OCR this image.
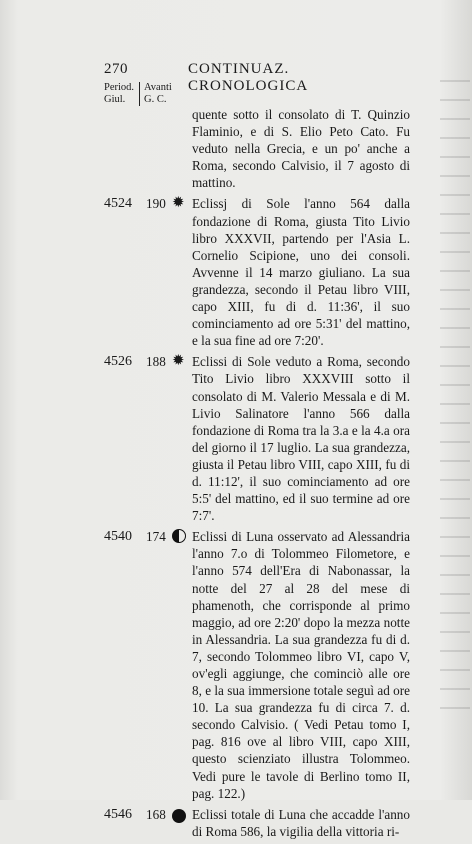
270	CONTINUAZ. CRONOLOGICA
Period. Giul.
Avanti G. C.
quente sotto il consolato di T. Quinzio Flaminio, e di S. Elio Peto Cato. Fu veduto nella Grecia, e un po' anche a Roma, secondo Calvisio, il 7 agosto di mattino.
4524 190 ✹ Eclissj di Sole l'anno 564 dalla fondazione di Roma, giusta Tito Livio libro XXXVII, partendo per l'Asia L. Cornelio Scipione, uno dei consoli. Avvenne il 14 marzo giuliano. La sua grandezza, secondo il Petau libro VIII, capo XIII, fu di d. 11:36', il suo cominciamento ad ore 5:31' del mattino, e la sua fine ad ore 7:20'.
4526 188 ✹ Eclissi di Sole veduto a Roma, secondo Tito Livio libro XXXVIII sotto il consolato di M. Valerio Messala e di M. Livio Salinatore l'anno 566 dalla fondazione di Roma tra la 3.a e la 4.a ora del giorno il 17 luglio. La sua grandezza, giusta il Petau libro VIII, capo XIII, fu di d. 11:12', il suo cominciamento ad ore 5:5' del mattino, ed il suo termine ad ore 7:7'.
4540 174 Eclissi di Luna osservato ad Alessandria l'anno 7.o di Tolommeo Filometore, e l'anno 574 dell'Era di Nabonassar, la notte del 27 al 28 del mese di phamenoth, che corrisponde al primo maggio, ad ore 2:20' dopo la mezza notte in Alessandria. La sua grandezza fu di d. 7, secondo Tolommeo libro VI, capo V, ov'egli aggiunge, che cominciò alle ore 8, e la sua immersione totale seguì ad ore 10. La sua grandezza fu di circa 7. d. secondo Calvisio. ( Vedi Petau tomo I, pag. 816 ove al libro VIII, capo XIII, questo scienziato illustra Tolommeo. Vedi pure le tavole di Berlino tomo II, pag. 122.)
4546 168 Eclissi totale di Luna che accadde l'anno di Roma 586, la vigilia della vittoria ri-
